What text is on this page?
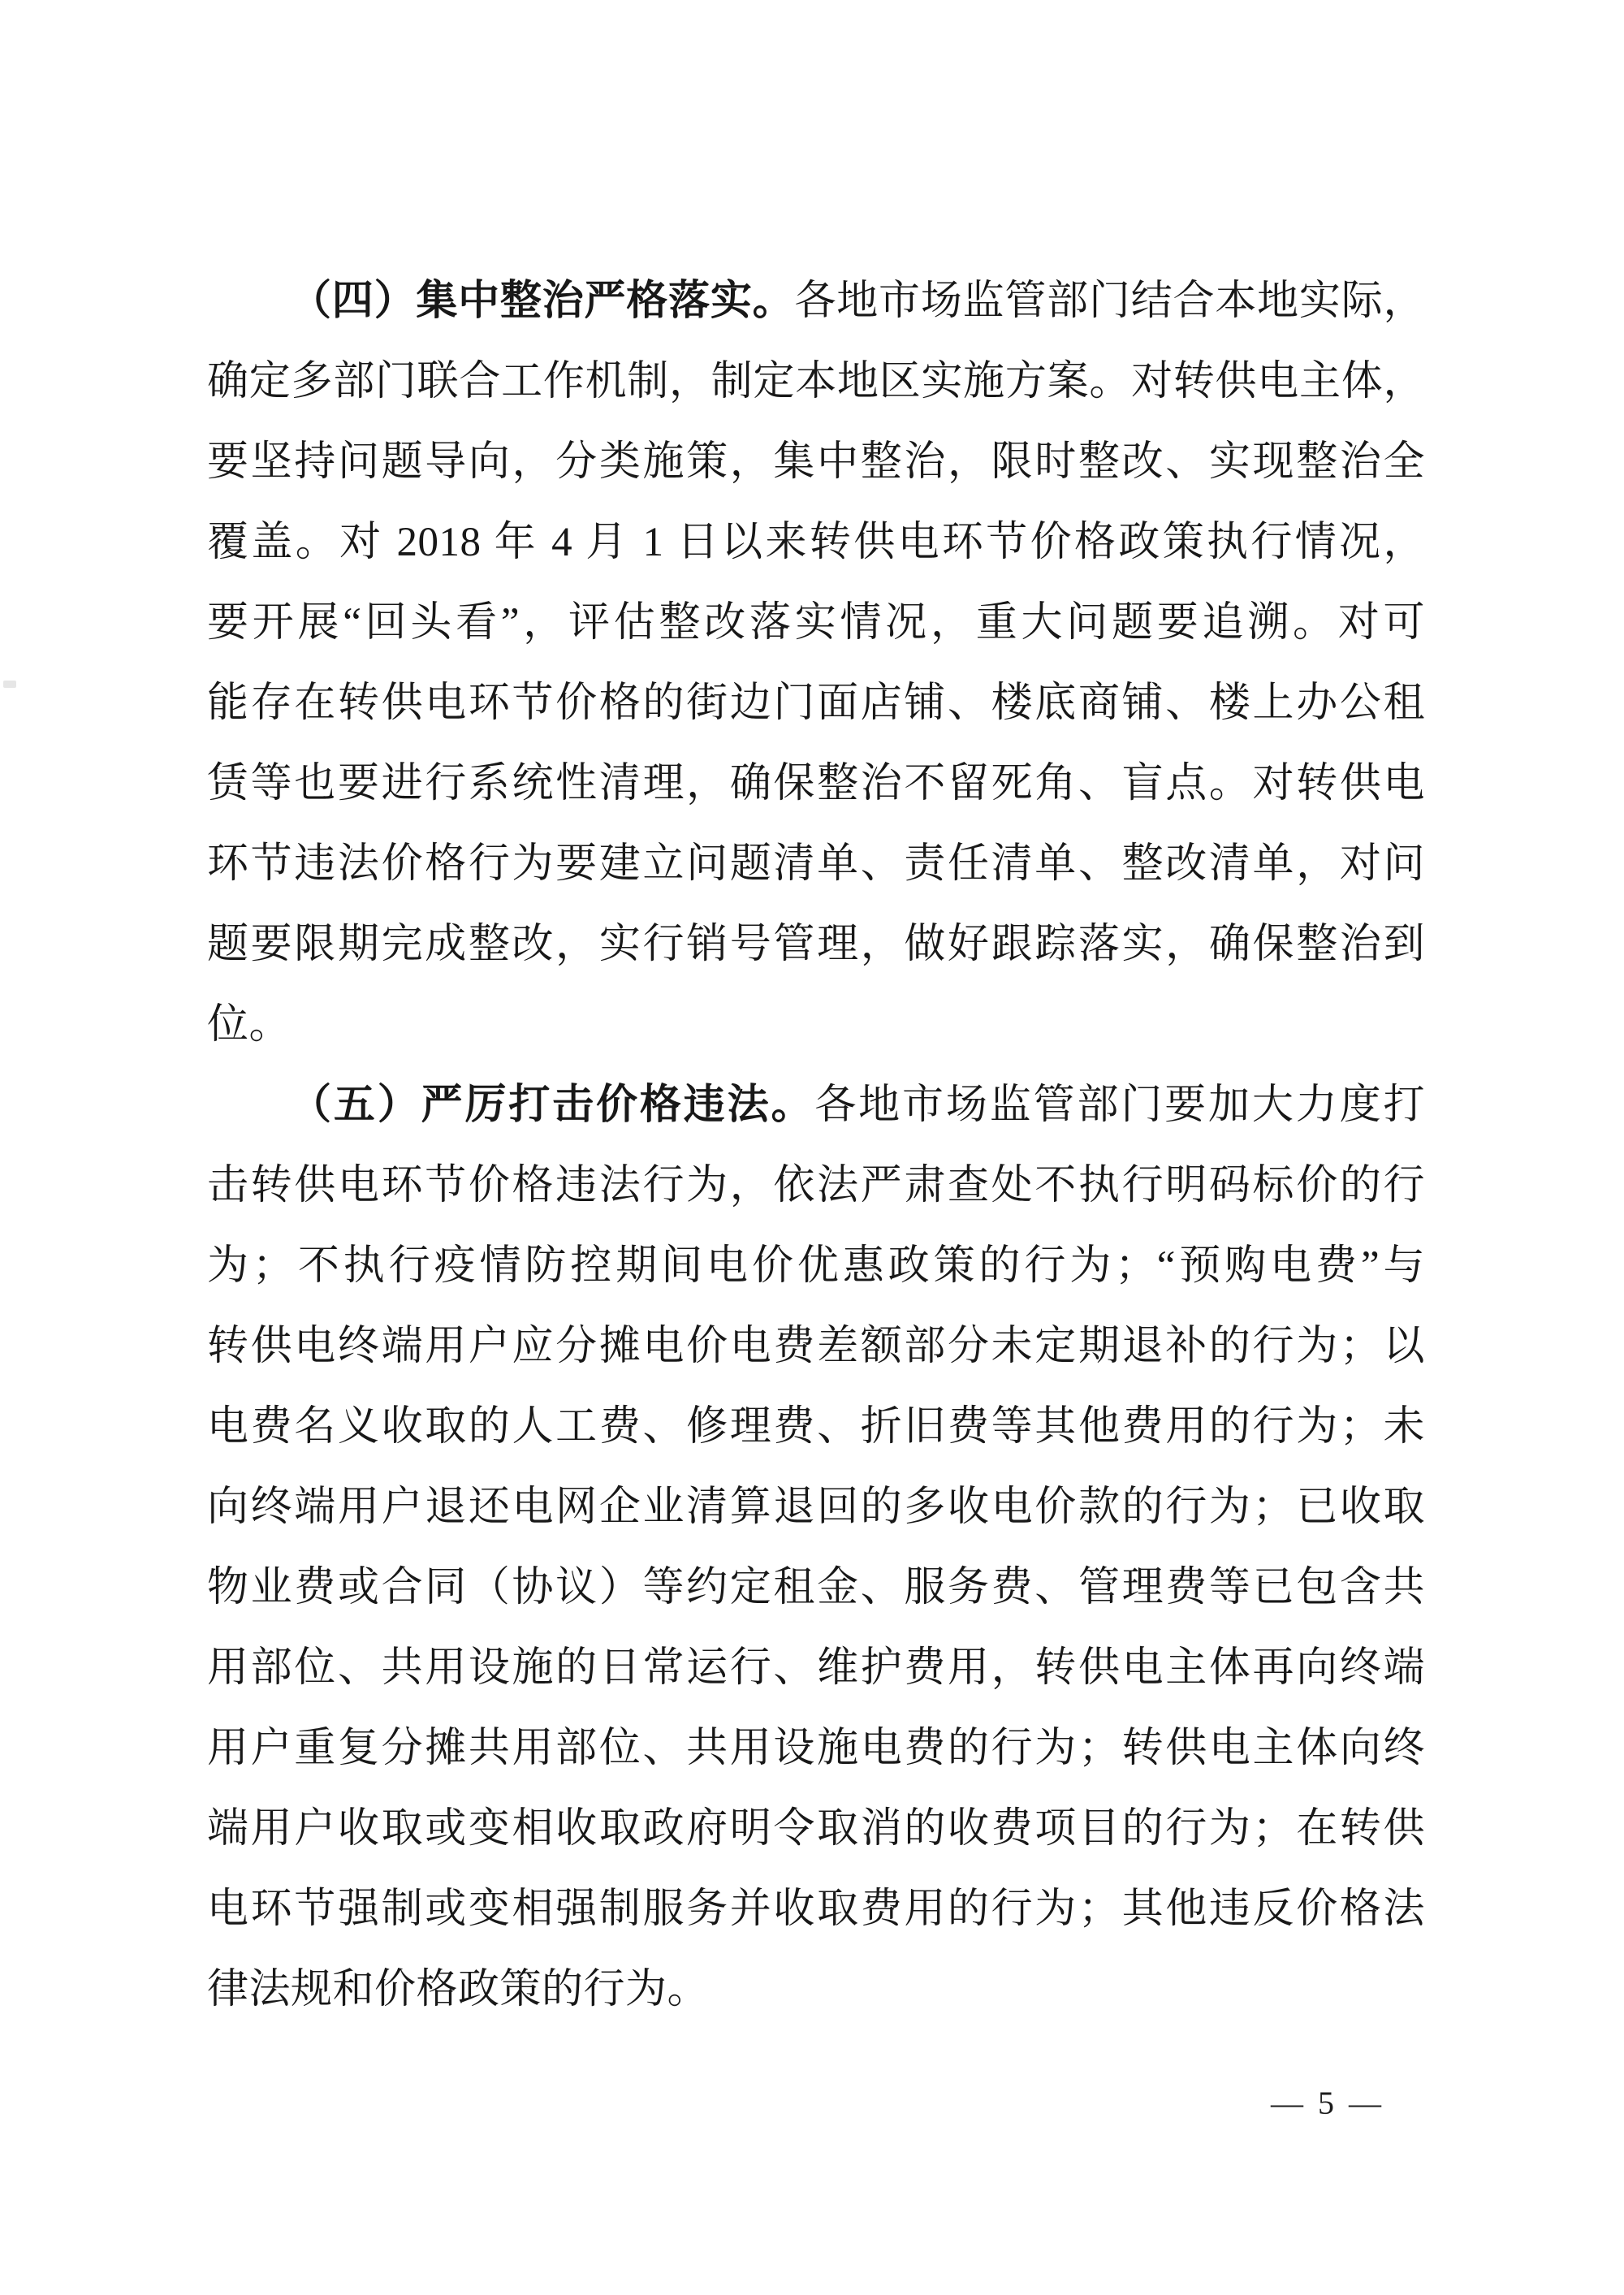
（四）集中整治严格落实。各地市场监管部门结合本地实际，
确定多部门联合工作机制，制定本地区实施方案。对转供电主体，
要坚持问题导向，分类施策，集中整治，限时整改、实现整治全
覆盖。对 2018 年 4 月 1 日以来转供电环节价格政策执行情况，
要开展“回头看”，评估整改落实情况，重大问题要追溯。对可
能存在转供电环节价格的街边门面店铺、楼底商铺、楼上办公租
赁等也要进行系统性清理，确保整治不留死角、盲点。对转供电
环节违法价格行为要建立问题清单、责任清单、整改清单，对问
题要限期完成整改，实行销号管理，做好跟踪落实，确保整治到
位。
（五）严厉打击价格违法。各地市场监管部门要加大力度打
击转供电环节价格违法行为，依法严肃查处不执行明码标价的行
为；不执行疫情防控期间电价优惠政策的行为；“预购电费”与
转供电终端用户应分摊电价电费差额部分未定期退补的行为；以
电费名义收取的人工费、修理费、折旧费等其他费用的行为；未
向终端用户退还电网企业清算退回的多收电价款的行为；已收取
物业费或合同（协议）等约定租金、服务费、管理费等已包含共
用部位、共用设施的日常运行、维护费用，转供电主体再向终端
用户重复分摊共用部位、共用设施电费的行为；转供电主体向终
端用户收取或变相收取政府明令取消的收费项目的行为；在转供
电环节强制或变相强制服务并收取费用的行为；其他违反价格法
律法规和价格政策的行为。
— 5 —
